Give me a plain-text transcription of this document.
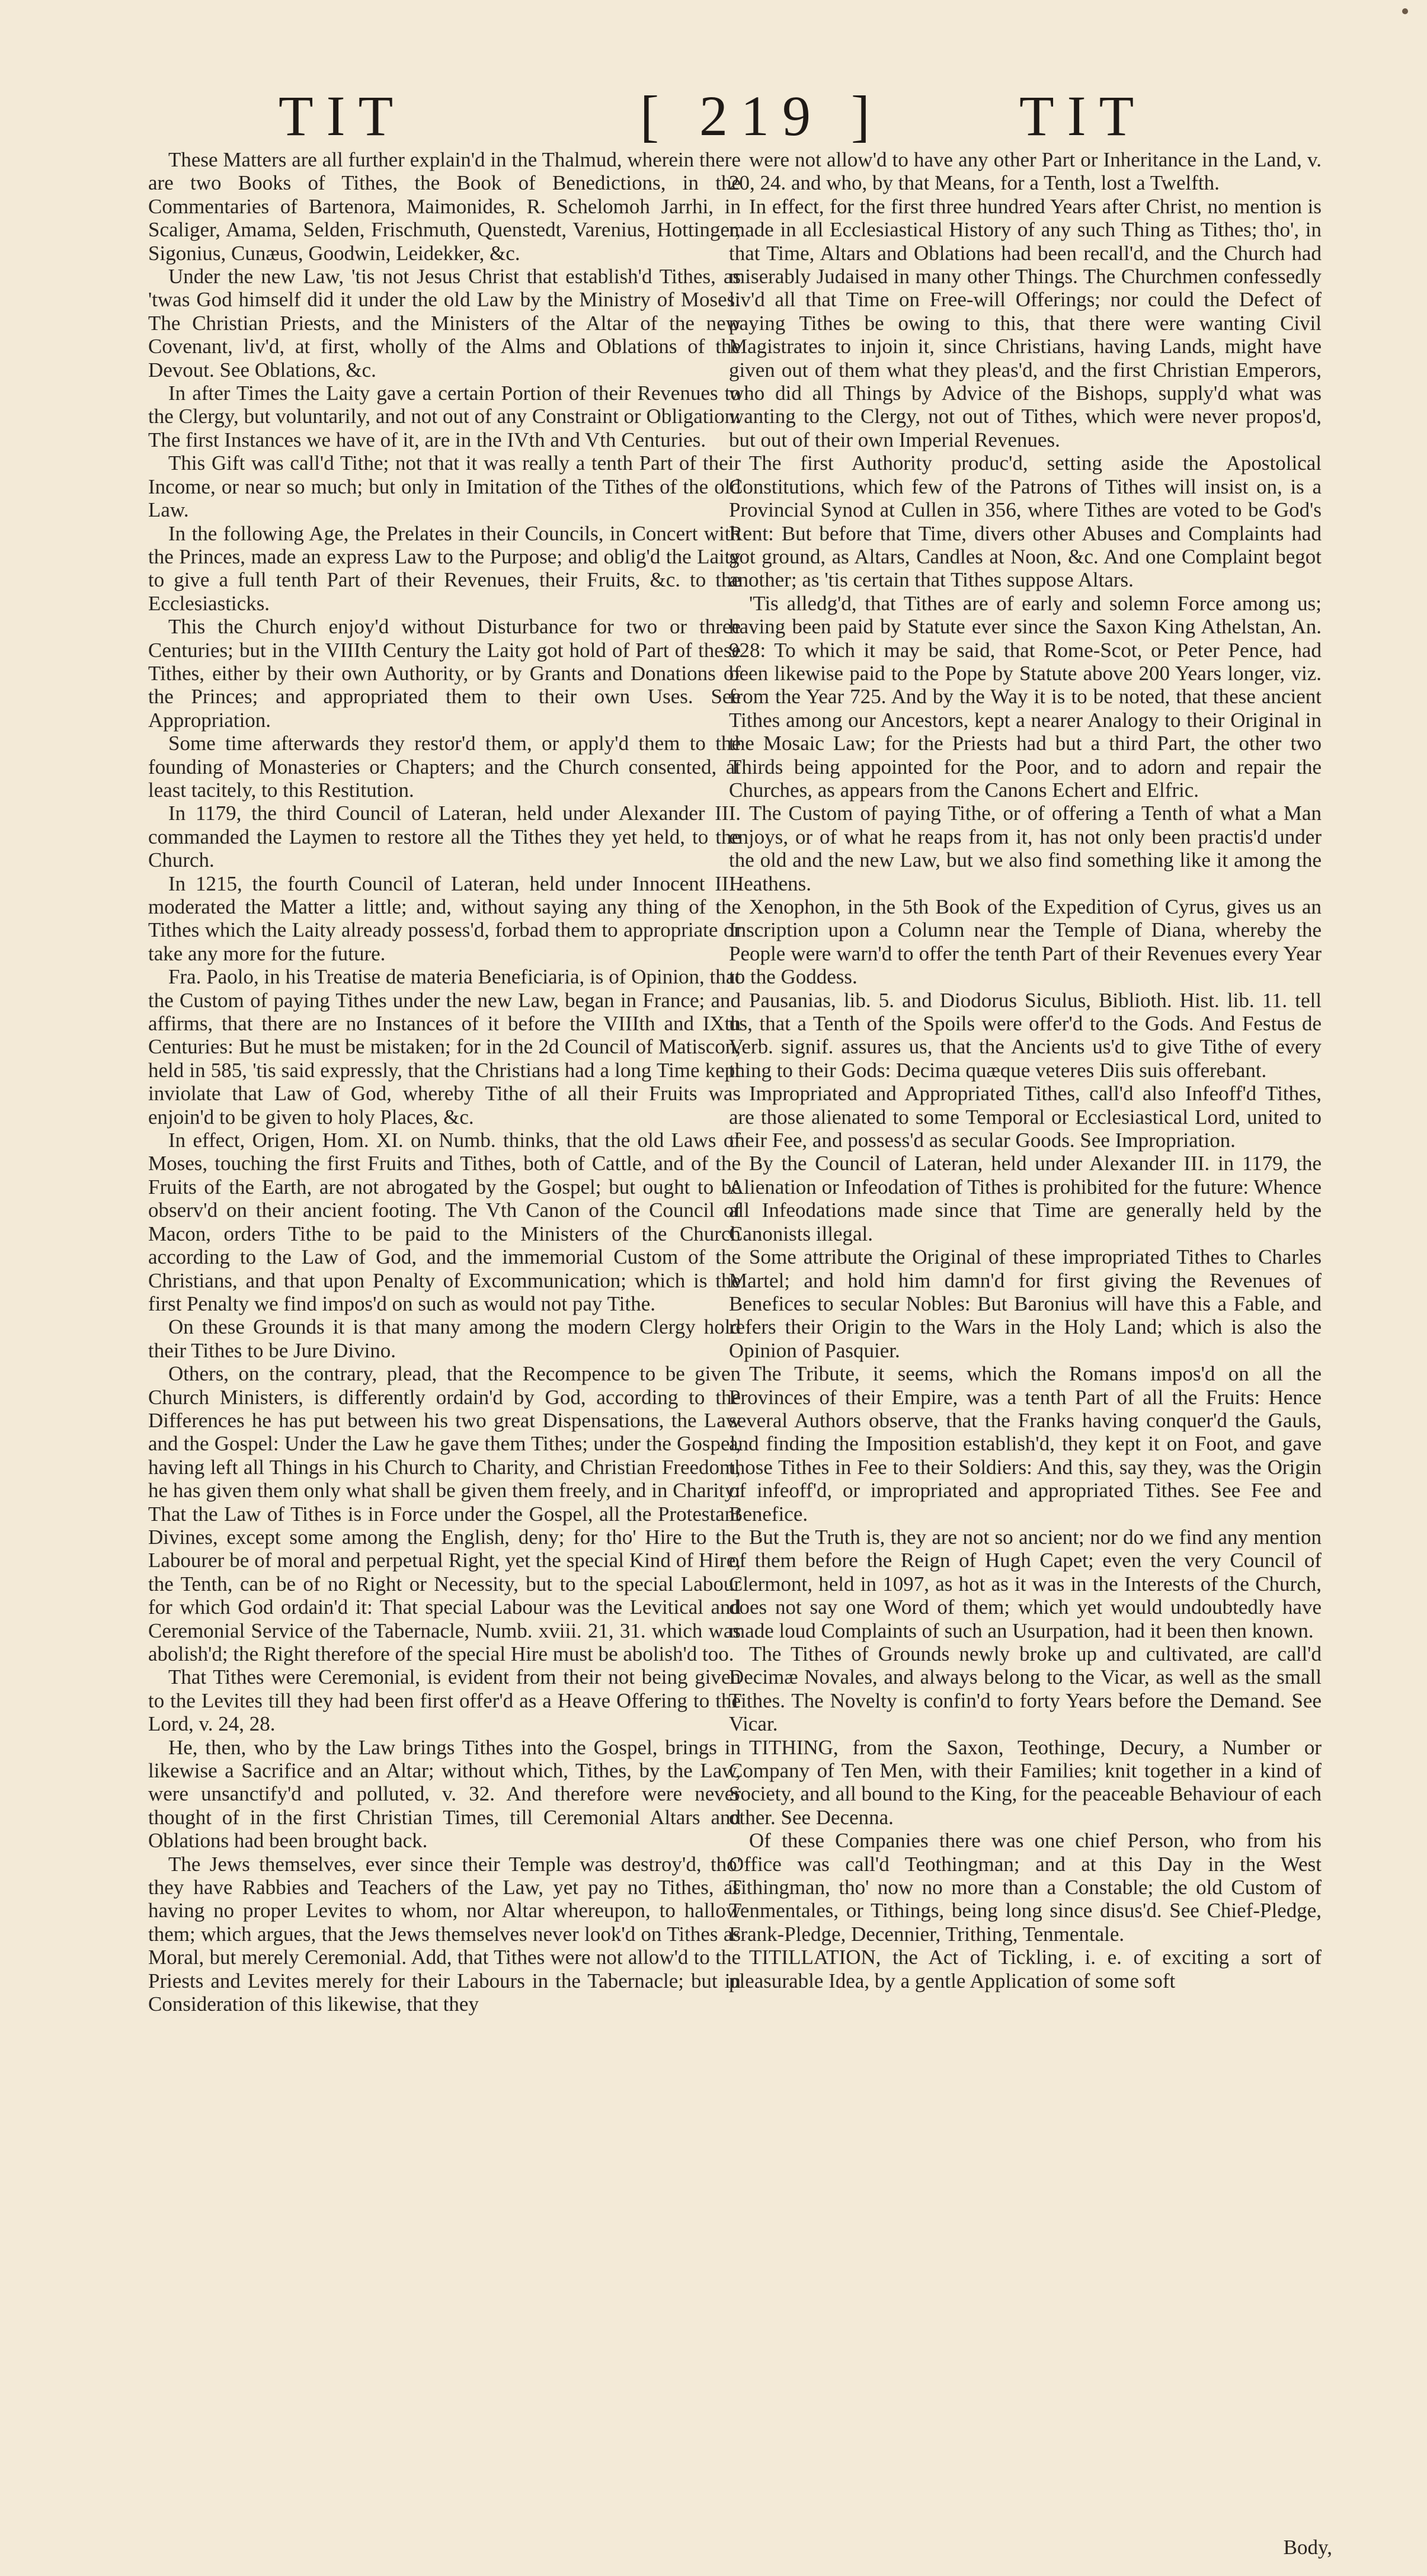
TIT	[ 219 ] TIT

These Matters are all further explain'd in the Thalmud, wherein there are two Books of Tithes, the Book of Benedictions, in the Commentaries of Bartenora, Maimonides, R. Schelomoh Jarrhi, in Scaliger, Amama, Selden, Frischmuth, Quenstedt, Varenius, Hottinger, Sigonius, Cunæus, Goodwin, Leidekker, &c.

Under the new Law, 'tis not Jesus Christ that establish'd Tithes, as 'twas God himself did it under the old Law by the Ministry of Moses: The Christian Priests, and the Ministers of the Altar of the new Covenant, liv'd, at first, wholly of the Alms and Oblations of the Devout. See Oblations, &c.

In after Times the Laity gave a certain Portion of their Revenues to the Clergy, but voluntarily, and not out of any Constraint or Obligation: The first Instances we have of it, are in the IVth and Vth Centuries.

This Gift was call'd Tithe; not that it was really a tenth Part of their Income, or near so much; but only in Imitation of the Tithes of the old Law.

In the following Age, the Prelates in their Councils, in Concert with the Princes, made an express Law to the Purpose; and oblig'd the Laity to give a full tenth Part of their Revenues, their Fruits, &c. to the Ecclesiasticks.

This the Church enjoy'd without Disturbance for two or three Centuries; but in the VIIIth Century the Laity got hold of Part of these Tithes, either by their own Authority, or by Grants and Donations of the Princes; and appropriated them to their own Uses. See Appropriation.

Some time afterwards they restor'd them, or apply'd them to the founding of Monasteries or Chapters; and the Church consented, at least tacitely, to this Restitution.

In 1179, the third Council of Lateran, held under Alexander III. commanded the Laymen to restore all the Tithes they yet held, to the Church.

In 1215, the fourth Council of Lateran, held under Innocent III. moderated the Matter a little; and, without saying any thing of the Tithes which the Laity already possess'd, forbad them to appropriate or take any more for the future.

Fra. Paolo, in his Treatise de materia Beneficiaria, is of Opinion, that the Custom of paying Tithes under the new Law, began in France; and affirms, that there are no Instances of it before the VIIIth and IXth Centuries: But he must be mistaken; for in the 2d Council of Matiscon, held in 585, 'tis said expressly, that the Christians had a long Time kept inviolate that Law of God, whereby Tithe of all their Fruits was enjoin'd to be given to holy Places, &c.

In effect, Origen, Hom. XI. on Numb. thinks, that the old Laws of Moses, touching the first Fruits and Tithes, both of Cattle, and of the Fruits of the Earth, are not abrogated by the Gospel; but ought to be observ'd on their ancient footing. The Vth Canon of the Council of Macon, orders Tithe to be paid to the Ministers of the Church according to the Law of God, and the immemorial Custom of the Christians, and that upon Penalty of Excommunication; which is the first Penalty we find impos'd on such as would not pay Tithe.

On these Grounds it is that many among the modern Clergy hold their Tithes to be Jure Divino.

Others, on the contrary, plead, that the Recompence to be given Church Ministers, is differently ordain'd by God, according to the Differences he has put between his two great Dispensations, the Law and the Gospel: Under the Law he gave them Tithes; under the Gospel, having left all Things in his Church to Charity, and Christian Freedom, he has given them only what shall be given them freely, and in Charity: That the Law of Tithes is in Force under the Gospel, all the Protestant Divines, except some among the English, deny; for tho' Hire to the Labourer be of moral and perpetual Right, yet the special Kind of Hire, the Tenth, can be of no Right or Necessity, but to the special Labour for which God ordain'd it: That special Labour was the Levitical and Ceremonial Service of the Tabernacle, Numb. xviii. 21, 31. which was abolish'd; the Right therefore of the special Hire must be abolish'd too.

That Tithes were Ceremonial, is evident from their not being given to the Levites till they had been first offer'd as a Heave Offering to the Lord, v. 24, 28.

He, then, who by the Law brings Tithes into the Gospel, brings in likewise a Sacrifice and an Altar; without which, Tithes, by the Law, were unsanctify'd and polluted, v. 32. And therefore were never thought of in the first Christian Times, till Ceremonial Altars and Oblations had been brought back.

The Jews themselves, ever since their Temple was destroy'd, tho' they have Rabbies and Teachers of the Law, yet pay no Tithes, as having no proper Levites to whom, nor Altar whereupon, to hallow them; which argues, that the Jews themselves never look'd on Tithes as Moral, but merely Ceremonial. Add, that Tithes were not allow'd to the Priests and Levites merely for their Labours in the Tabernacle; but in Consideration of this likewise, that they

were not allow'd to have any other Part or Inheritance in the Land, v. 20, 24. and who, by that Means, for a Tenth, lost a Twelfth.

In effect, for the first three hundred Years after Christ, no mention is made in all Ecclesiastical History of any such Thing as Tithes; tho', in that Time, Altars and Oblations had been recall'd, and the Church had miserably Judaised in many other Things. The Churchmen confessedly liv'd all that Time on Free-will Offerings; nor could the Defect of paying Tithes be owing to this, that there were wanting Civil Magistrates to injoin it, since Christians, having Lands, might have given out of them what they pleas'd, and the first Christian Emperors, who did all Things by Advice of the Bishops, supply'd what was wanting to the Clergy, not out of Tithes, which were never propos'd, but out of their own Imperial Revenues.

The first Authority produc'd, setting aside the Apostolical Constitutions, which few of the Patrons of Tithes will insist on, is a Provincial Synod at Cullen in 356, where Tithes are voted to be God's Rent: But before that Time, divers other Abuses and Complaints had got ground, as Altars, Candles at Noon, &c. And one Complaint begot another; as 'tis certain that Tithes suppose Altars.

'Tis alledg'd, that Tithes are of early and solemn Force among us; having been paid by Statute ever since the Saxon King Athelstan, An. 928: To which it may be said, that Rome-Scot, or Peter Pence, had been likewise paid to the Pope by Statute above 200 Years longer, viz. from the Year 725. And by the Way it is to be noted, that these ancient Tithes among our Ancestors, kept a nearer Analogy to their Original in the Mosaic Law; for the Priests had but a third Part, the other two Thirds being appointed for the Poor, and to adorn and repair the Churches, as appears from the Canons Echert and Elfric.

The Custom of paying Tithe, or of offering a Tenth of what a Man enjoys, or of what he reaps from it, has not only been practis'd under the old and the new Law, but we also find something like it among the Heathens.

Xenophon, in the 5th Book of the Expedition of Cyrus, gives us an Inscription upon a Column near the Temple of Diana, whereby the People were warn'd to offer the tenth Part of their Revenues every Year to the Goddess.

Pausanias, lib. 5. and Diodorus Siculus, Biblioth. Hist. lib. 11. tell us, that a Tenth of the Spoils were offer'd to the Gods. And Festus de Verb. signif. assures us, that the Ancients us'd to give Tithe of every thing to their Gods: Decima quæque veteres Diis suis offerebant.

Impropriated and Appropriated Tithes, call'd also Infeoff'd Tithes, are those alienated to some Temporal or Ecclesiastical Lord, united to their Fee, and possess'd as secular Goods. See Impropriation.

By the Council of Lateran, held under Alexander III. in 1179, the Alienation or Infeodation of Tithes is prohibited for the future: Whence all Infeodations made since that Time are generally held by the Canonists illegal.

Some attribute the Original of these impropriated Tithes to Charles Martel; and hold him damn'd for first giving the Revenues of Benefices to secular Nobles: But Baronius will have this a Fable, and refers their Origin to the Wars in the Holy Land; which is also the Opinion of Pasquier.

The Tribute, it seems, which the Romans impos'd on all the Provinces of their Empire, was a tenth Part of all the Fruits: Hence several Authors observe, that the Franks having conquer'd the Gauls, and finding the Imposition establish'd, they kept it on Foot, and gave those Tithes in Fee to their Soldiers: And this, say they, was the Origin of infeoff'd, or impropriated and appropriated Tithes. See Fee and Benefice.

But the Truth is, they are not so ancient; nor do we find any mention of them before the Reign of Hugh Capet; even the very Council of Clermont, held in 1097, as hot as it was in the Interests of the Church, does not say one Word of them; which yet would undoubtedly have made loud Complaints of such an Usurpation, had it been then known.

The Tithes of Grounds newly broke up and cultivated, are call'd Decimæ Novales, and always belong to the Vicar, as well as the small Tithes. The Novelty is confin'd to forty Years before the Demand. See Vicar.

TITHING, from the Saxon, Teothinge, Decury, a Number or Company of Ten Men, with their Families; knit together in a kind of Society, and all bound to the King, for the peaceable Behaviour of each other. See Decenna.

Of these Companies there was one chief Person, who from his Office was call'd Teothingman; and at this Day in the West Tithingman, tho' now no more than a Constable; the old Custom of Tenmentales, or Tithings, being long since disus'd. See Chief-Pledge, Frank-Pledge, Decennier, Trithing, Tenmentale.

TITILLATION, the Act of Tickling, i. e. of exciting a sort of pleasurable Idea, by a gentle Application of some soft

Body,
